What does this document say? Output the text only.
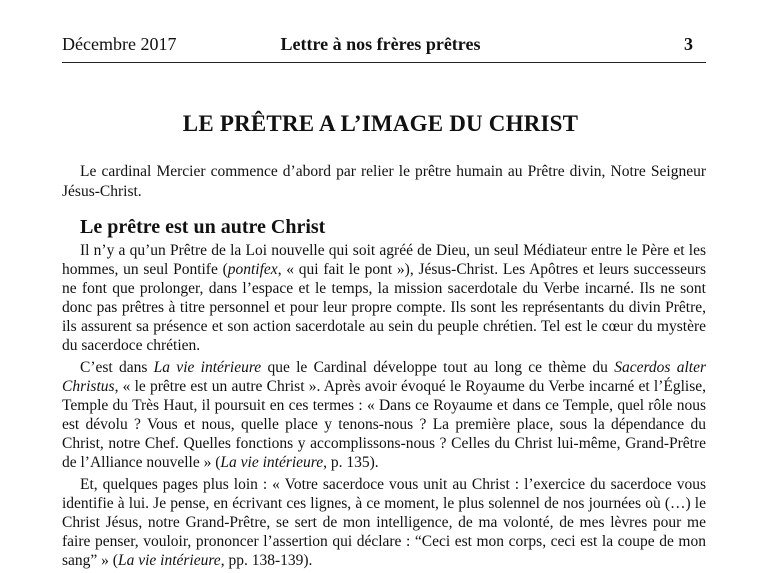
Décembre 2017	Lettre à nos frères prêtres	3
LE PRÊTRE A L’IMAGE DU CHRIST

Le cardinal Mercier commence d’abord par relier le prêtre humain au Prêtre divin, Notre Seigneur Jésus-Christ.

Le prêtre est un autre Christ

Il n’y a qu’un Prêtre de la Loi nouvelle qui soit agréé de Dieu, un seul Médiateur entre le Père et les hommes, un seul Pontife (pontifex, « qui fait le pont »), Jésus-Christ. Les Apôtres et leurs successeurs ne font que prolonger, dans l’espace et le temps, la mission sacerdotale du Verbe incarné. Ils ne sont donc pas prêtres à titre personnel et pour leur propre compte. Ils sont les représentants du divin Prêtre, ils assurent sa présence et son action sacerdotale au sein du peuple chrétien. Tel est le cœur du mystère du sacerdoce chrétien.

C’est dans La vie intérieure que le Cardinal développe tout au long ce thème du Sacerdos alter Christus, « le prêtre est un autre Christ ». Après avoir évoqué le Royaume du Verbe incarné et l’Église, Temple du Très Haut, il poursuit en ces termes : « Dans ce Royaume et dans ce Temple, quel rôle nous est dévolu ? Vous et nous, quelle place y tenons-nous ? La première place, sous la dépendance du Christ, notre Chef. Quelles fonctions y accomplissons-nous ? Celles du Christ lui-même, Grand-Prêtre de l’Alliance nouvelle » (La vie intérieure, p. 135).

Et, quelques pages plus loin : « Votre sacerdoce vous unit au Christ : l’exercice du sacerdoce vous identifie à lui. Je pense, en écrivant ces lignes, à ce moment, le plus solennel de nos journées où (…) le Christ Jésus, notre Grand-Prêtre, se sert de mon intelligence, de ma volonté, de mes lèvres pour me faire penser, vouloir, prononcer l’assertion qui déclare : “Ceci est mon corps, ceci est la coupe de mon sang” » (La vie intérieure, pp. 138-139).
